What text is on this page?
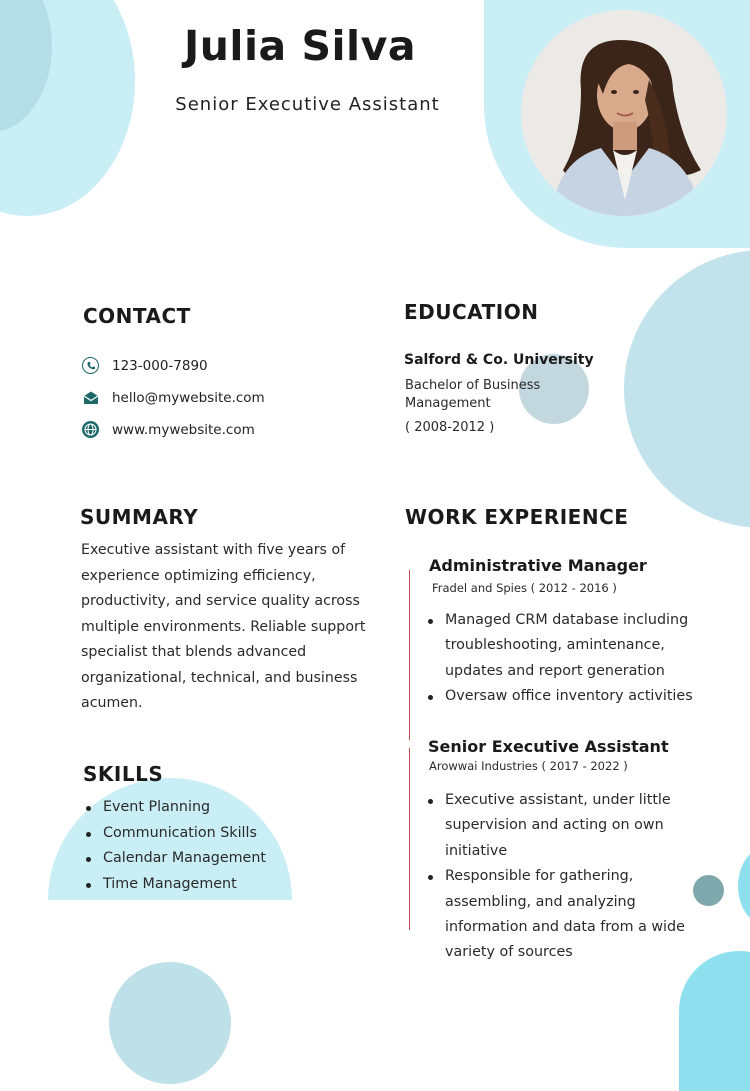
Julia Silva
Senior Executive Assistant
CONTACT
123-000-7890
hello@mywebsite.com
www.mywebsite.com
EDUCATION
Salford & Co. University
Bachelor of Business Management
( 2008-2012 )
SUMMARY
Executive assistant with five years of experience optimizing efficiency, productivity, and service quality across multiple environments. Reliable support specialist that blends advanced organizational, technical, and business acumen.
SKILLS
Event Planning
Communication Skills
Calendar Management
Time Management
WORK EXPERIENCE
Administrative Manager
Fradel and Spies ( 2012 - 2016 )
Managed CRM database including troubleshooting, amintenance, updates and report generation
Oversaw office inventory activities
Senior Executive Assistant
Arowwai Industries ( 2017 - 2022 )
Executive assistant, under little supervision and acting on own initiative
Responsible for gathering, assembling, and analyzing information and data from a wide variety of sources
